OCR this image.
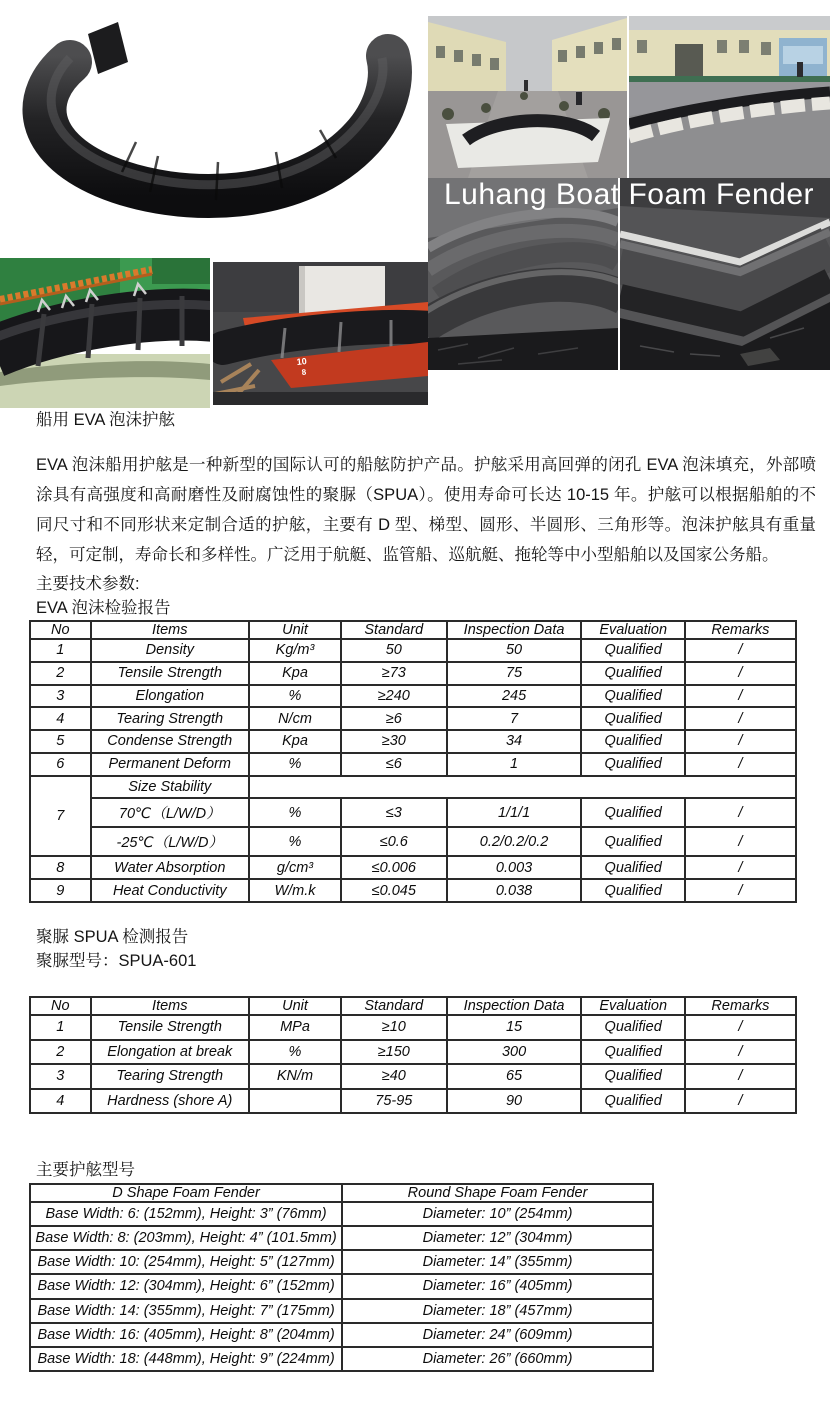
10
8
Luhang Boat Foam Fender
船用 EVA 泡沫护舷
EVA 泡沫船用护舷是一种新型的国际认可的船舷防护产品。护舷采用高回弹的闭孔 EVA 泡沫填充，外部喷涂具有高强度和高耐磨性及耐腐蚀性的聚脲（SPUA）。使用寿命可长达 10-15 年。护舷可以根据船舶的不同尺寸和不同形状来定制合适的护舷，主要有 D 型、梯型、圆形、半圆形、三角形等。泡沫护舷具有重量轻，可定制，寿命长和多样性。广泛用于航艇、监管船、巡航艇、拖轮等中小型船舶以及国家公务船。
主要技术参数:
EVA 泡沫检验报告
No	Items	Unit	Standard	Inspection Data	Evaluation	Remarks
1	Density	Kg/m³	50	50	Qualified	/
2	Tensile Strength	Kpa	≥73	75	Qualified	/
3	Elongation	%	≥240	245	Qualified	/
4	Tearing Strength	N/cm	≥6	7	Qualified	/
5	Condense Strength	Kpa	≥30	34	Qualified	/
6	Permanent Deform	%	≤6	1	Qualified	/
7	Size Stability					
	70℃（L/W/D）	%	≤3	1/1/1	Qualified	/
	-25℃（L/W/D）	%	≤0.6	0.2/0.2/0.2	Qualified	/
8	Water Absorption	g/cm³	≤0.006	0.003	Qualified	/
9	Heat Conductivity	W/m.k	≤0.045	0.038	Qualified	/
聚脲 SPUA 检测报告
聚脲型号：SPUA-601
No	Items	Unit	Standard	Inspection Data	Evaluation	Remarks
1	Tensile Strength	MPa	≥10	15	Qualified	/
2	Elongation at break	%	≥150	300	Qualified	/
3	Tearing Strength	KN/m	≥40	65	Qualified	/
4	Hardness (shore A)		75-95	90	Qualified	/
主要护舷型号
D Shape Foam Fender	Round Shape Foam Fender
Base Width: 6: (152mm), Height: 3” (76mm)	Diameter: 10” (254mm)
Base Width: 8: (203mm), Height: 4” (101.5mm)	Diameter: 12” (304mm)
Base Width: 10: (254mm), Height: 5” (127mm)	Diameter: 14” (355mm)
Base Width: 12: (304mm), Height: 6” (152mm)	Diameter: 16” (405mm)
Base Width: 14: (355mm), Height: 7” (175mm)	Diameter: 18” (457mm)
Base Width: 16: (405mm), Height: 8” (204mm)	Diameter: 24” (609mm)
Base Width: 18: (448mm), Height: 9” (224mm)	Diameter: 26” (660mm)
